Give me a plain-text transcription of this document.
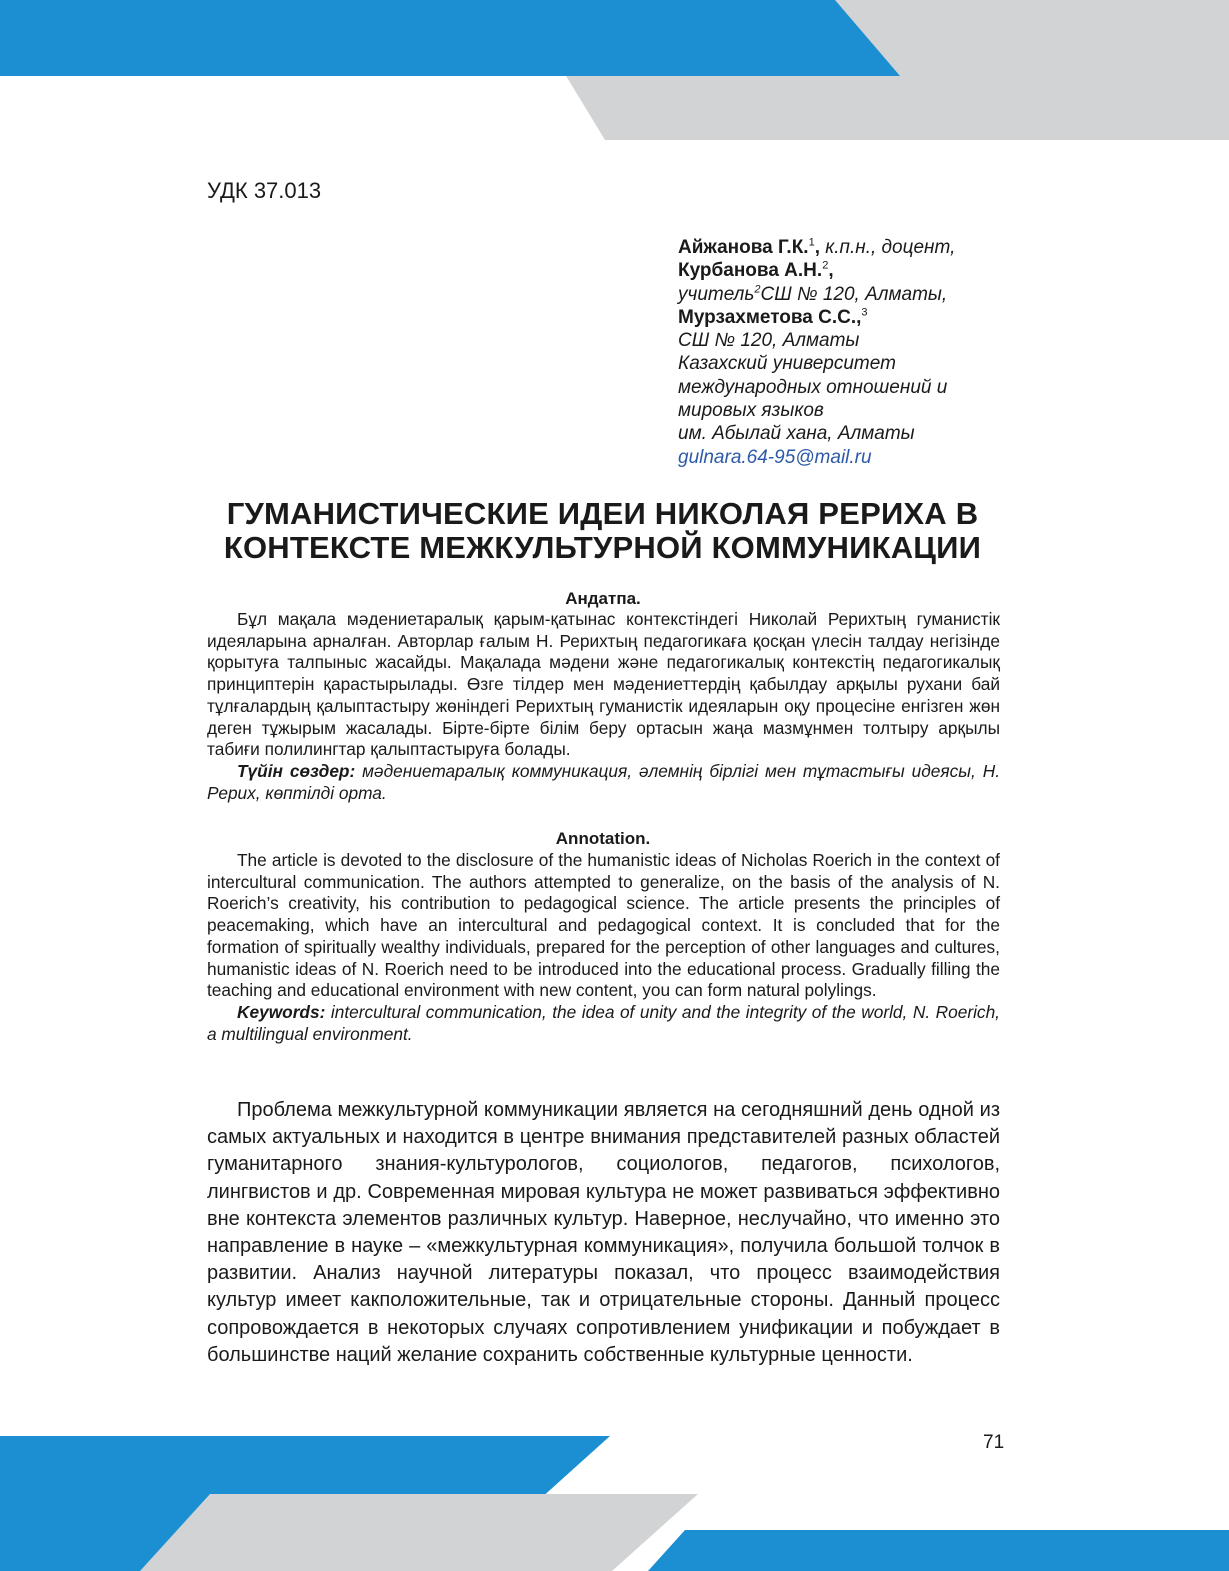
УДК 37.013
Айжанова Г.К.$^1$, к.п.н., доцент,
Курбанова А.Н.$^2$,
учитель$^2$СШ № 120, Алматы,
Мурзахметова С.С.,$^3$
СШ № 120, Алматы
Казахский университет
международных отношений и
мировых языков
им. Абылай хана, Алматы
gulnara.64-95@mail.ru
ГУМАНИСТИЧЕСКИЕ ИДЕИ НИКОЛАЯ РЕРИХА В
КОНТЕКСТЕ МЕЖКУЛЬТУРНОЙ КОММУНИКАЦИИ
Андатпа.

Бұл мақала мәдениетаралық қарым-қатынас контекстіндегі Николай Рерихтың гуманистік идеяларына арналған. Авторлар ғалым Н. Рерихтың педагогикаға қосқан үлесін талдау негізінде қорытуға талпыныс жасайды. Мақалада мәдени және педагогикалық контекстің педагогикалық принциптерін қарастырылады. Өзге тілдер мен мәдениеттердің қабылдау арқылы рухани бай тұлғалардың қалыптастыру жөніндегі Рерихтың гуманистік идеяларын оқу процесіне енгізген жөн деген тұжырым жасалады. Бірте-бірте білім беру ортасын жаңа мазмұнмен толтыру арқылы табиғи полилингтар қалыптастыруға болады.

Түйін сөздер: мәдениетаралық коммуникация, әлемнің бірлігі мен тұтастығы идеясы, Н. Рерих, көптілді орта.

Annotation.

The article is devoted to the disclosure of the humanistic ideas of Nicholas Roerich in the context of intercultural communication. The authors attempted to generalize, on the basis of the analysis of N. Roerich’s creativity, his contribution to pedagogical science. The article presents the principles of peacemaking, which have an intercultural and pedagogical context. It is concluded that for the formation of spiritually wealthy individuals, prepared for the perception of other languages and cultures, humanistic ideas of N. Roerich need to be introduced into the educational process. Gradually filling the teaching and educational environment with new content, you can form natural polylings.

Keywords: intercultural communication, the idea of unity and the integrity of the world, N. Roerich, a multilingual environment.

Проблема межкультурной коммуникации является на сегодняшний день одной из самых актуальных и находится в центре внимания представителей разных областей гуманитарного знания-культурологов, социологов, педагогов, психологов, лингвистов и др. Современная мировая культура не может развиваться эффективно вне контекста элементов различных культур. Наверное, неслучайно, что именно это направление в науке – «межкультурная коммуникация», получила большой толчок в развитии. Анализ научной литературы показал, что процесс взаимодействия культур имеет какположительные, так и отрицательные стороны. Данный процесс сопровождается в некоторых случаях сопротивлением унификации и побуждает в большинстве наций желание сохранить собственные культурные ценности.

71
